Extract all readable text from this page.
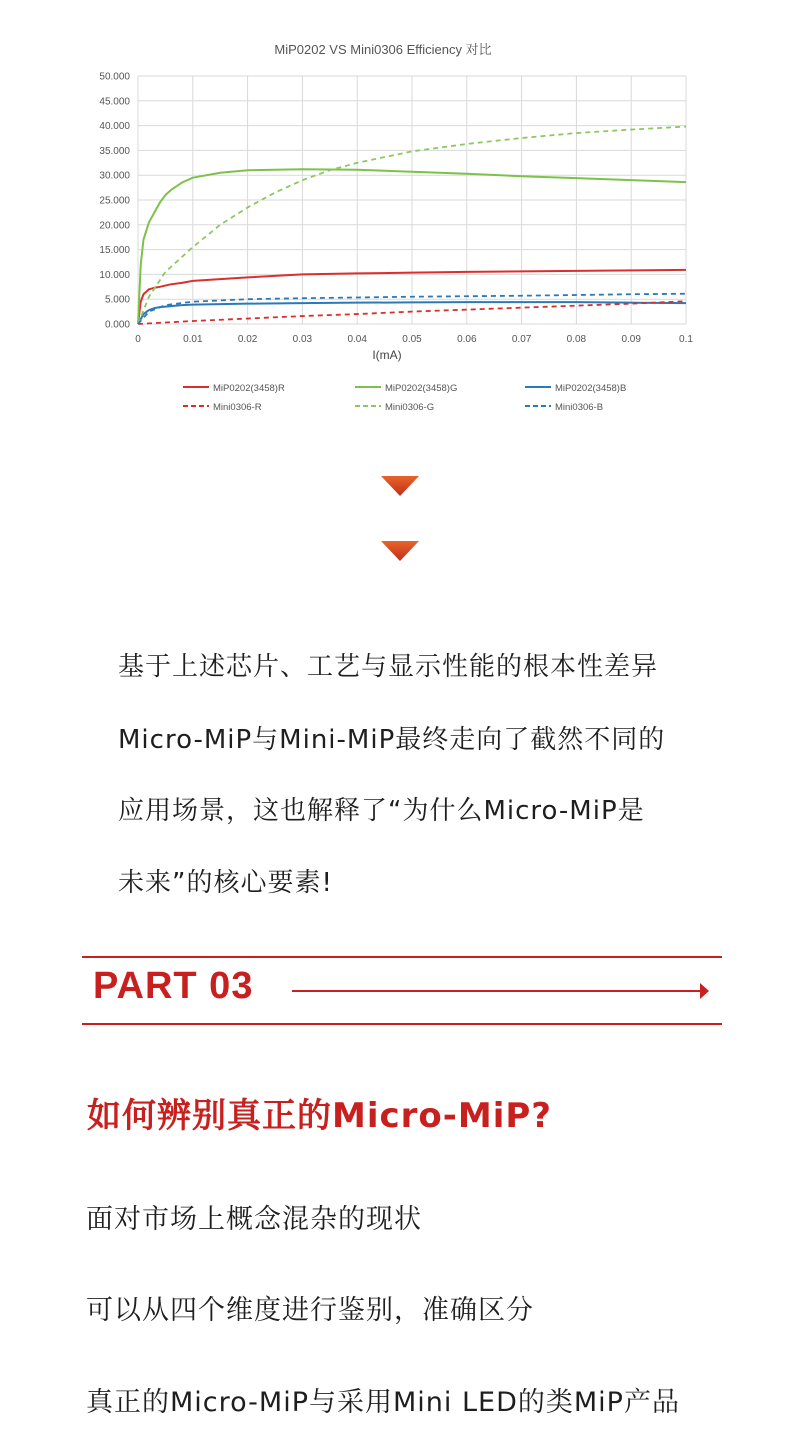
MiP0202 VS Mini0306 Efficiency 对比
0.000
5.000
10.000
15.000
20.000
25.000
30.000
35.000
40.000
45.000
50.000
0	0.01	0.02	0.03	0.04	0.05	0.06	0.07	0.08	0.09	0.1
I(mA)
MiP0202(3458)R	MiP0202(3458)G	MiP0202(3458)B
Mini0306-R	Mini0306-G	Mini0306-B
基于上述芯片、工艺与显示性能的根本性差异
Micro-MiP与Mini-MiP最终走向了截然不同的
应用场景，这也解释了“为什么Micro-MiP是
未来”的核心要素!
PART 03
如何辨别真正的Micro-MiP?
面对市场上概念混杂的现状
可以从四个维度进行鉴别，准确区分
真正的Micro-MiP与采用Mini LED的类MiP产品
